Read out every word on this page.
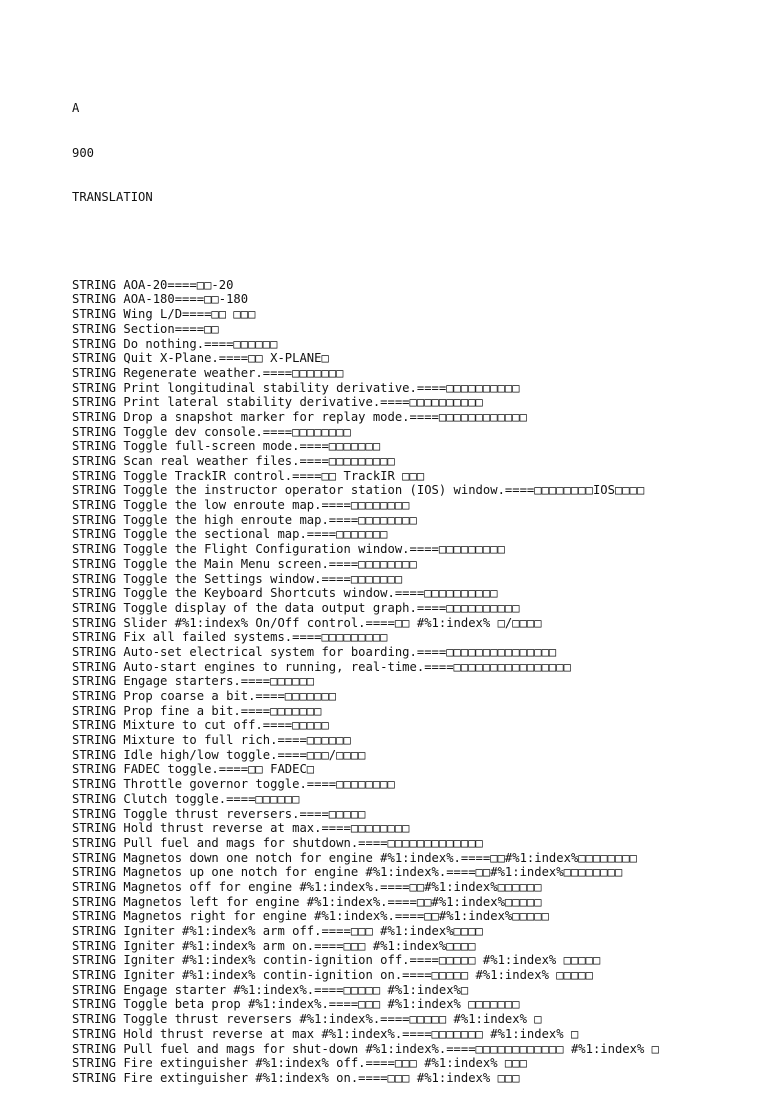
A

900

TRANSLATION

STRING AOA-20====□□-20
STRING AOA-180====□□-180
STRING Wing L/D====□□ □□□
STRING Section====□□
STRING Do nothing.====□□□□□□
STRING Quit X-Plane.====□□ X-PLANE□
STRING Regenerate weather.====□□□□□□□
STRING Print longitudinal stability derivative.====□□□□□□□□□□
STRING Print lateral stability derivative.====□□□□□□□□□□
STRING Drop a snapshot marker for replay mode.====□□□□□□□□□□□□
STRING Toggle dev console.====□□□□□□□□
STRING Toggle full-screen mode.====□□□□□□□
STRING Scan real weather files.====□□□□□□□□□
STRING Toggle TrackIR control.====□□ TrackIR □□□
STRING Toggle the instructor operator station (IOS) window.====□□□□□□□□IOS□□□□
STRING Toggle the low enroute map.====□□□□□□□□
STRING Toggle the high enroute map.====□□□□□□□□
STRING Toggle the sectional map.====□□□□□□□
STRING Toggle the Flight Configuration window.====□□□□□□□□□
STRING Toggle the Main Menu screen.====□□□□□□□□
STRING Toggle the Settings window.====□□□□□□□
STRING Toggle the Keyboard Shortcuts window.====□□□□□□□□□□
STRING Toggle display of the data output graph.====□□□□□□□□□□
STRING Slider #%1:index% On/Off control.====□□ #%1:index% □/□□□□
STRING Fix all failed systems.====□□□□□□□□□
STRING Auto-set electrical system for boarding.====□□□□□□□□□□□□□□□
STRING Auto-start engines to running, real-time.====□□□□□□□□□□□□□□□□
STRING Engage starters.====□□□□□□
STRING Prop coarse a bit.====□□□□□□□
STRING Prop fine a bit.====□□□□□□□
STRING Mixture to cut off.====□□□□□
STRING Mixture to full rich.====□□□□□□
STRING Idle high/low toggle.====□□□/□□□□
STRING FADEC toggle.====□□ FADEC□
STRING Throttle governor toggle.====□□□□□□□□
STRING Clutch toggle.====□□□□□□
STRING Toggle thrust reversers.====□□□□□
STRING Hold thrust reverse at max.====□□□□□□□□
STRING Pull fuel and mags for shutdown.====□□□□□□□□□□□□□
STRING Magnetos down one notch for engine #%1:index%.====□□#%1:index%□□□□□□□□
STRING Magnetos up one notch for engine #%1:index%.====□□#%1:index%□□□□□□□□
STRING Magnetos off for engine #%1:index%.====□□#%1:index%□□□□□□
STRING Magnetos left for engine #%1:index%.====□□#%1:index%□□□□□
STRING Magnetos right for engine #%1:index%.====□□#%1:index%□□□□□
STRING Igniter #%1:index% arm off.====□□□ #%1:index%□□□□
STRING Igniter #%1:index% arm on.====□□□ #%1:index%□□□□
STRING Igniter #%1:index% contin-ignition off.====□□□□□ #%1:index% □□□□□
STRING Igniter #%1:index% contin-ignition on.====□□□□□ #%1:index% □□□□□
STRING Engage starter #%1:index%.====□□□□□ #%1:index%□
STRING Toggle beta prop #%1:index%.====□□□ #%1:index% □□□□□□□
STRING Toggle thrust reversers #%1:index%.====□□□□□ #%1:index% □
STRING Hold thrust reverse at max #%1:index%.====□□□□□□□ #%1:index% □
STRING Pull fuel and mags for shut-down #%1:index%.====□□□□□□□□□□□□ #%1:index% □
STRING Fire extinguisher #%1:index% off.====□□□ #%1:index% □□□
STRING Fire extinguisher #%1:index% on.====□□□ #%1:index% □□□
